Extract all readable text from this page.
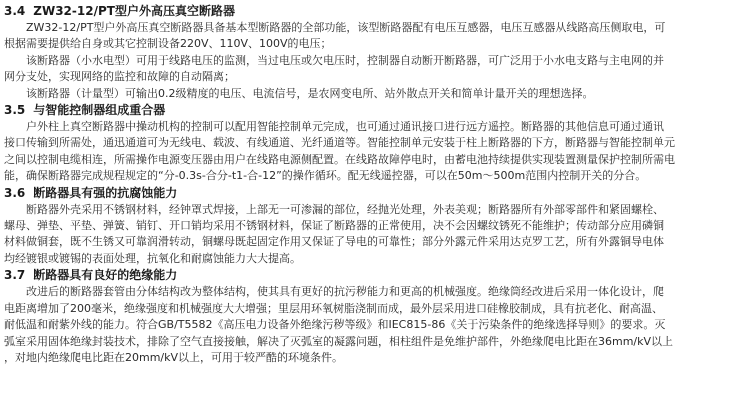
3.4 ZW32-12/PT型户外高压真空断路器
ZW32-12/PT型户外高压真空断路器具备基本型断路器的全部功能，该型断路器配有电压互感器，电压互感器从线路高压侧取电，可
根据需要提供给自身或其它控制设备220V、110V、100V的电压；
该断路器（小水电型）可用于线路电压的监测，当过电压或欠电压时，控制器自动断开断路器，可广泛用于小水电支路与主电网的并
网分支处，实现网络的监控和故障的自动隔离；
该断路器（计量型）可输出0.2级精度的电压、电流信号，是农网变电所、站外散点开关和简单计量开关的理想选择。
3.5 与智能控制器组成重合器
户外柱上真空断路器中操动机构的控制可以配用智能控制单元完成，也可通过通讯接口进行远方遥控。断路器的其他信息可通过通讯
接口传输到所需处，通迅通道可为无线电、载波、有线通道、光纤通道等。智能控制单元安装于柱上断路器的下方，断路器与智能控制单元
之间以控制电缆相连，所需操作电源变压器由用户在线路电源侧配置。在线路故障停电时，由蓄电池持续提供实现装置测量保护控制所需电
能，确保断路器完成规程规定的“分-0.3s-合分-t1-合-12”的操作循环。配无线遥控器，可以在50m～500m范围内控制开关的分合。
3.6 断路器具有强的抗腐蚀能力
断路器外壳采用不锈钢材料，经钟罩式焊接，上部无一可渗漏的部位，经抛光处理，外表美观；断路器所有外部零部件和紧固螺栓、
螺母、弹垫、平垫、弹簧、销钉、开口销均采用不锈钢材料，保证了断路器的正常使用，决不会因螺纹锈死不能维护；传动部分应用磷铜
材料做铜套，既不生锈又可靠润滑转动，铜螺母既起固定作用又保证了导电的可靠性；部分外露元件采用达克罗工艺，所有外露铜导电体
均经镀银或镀锡的表面处理，抗氧化和耐腐蚀能力大大提高。
3.7 断路器具有良好的绝缘能力
改进后的断路器套管由分体结构改为整体结构，使其具有更好的抗污秽能力和更高的机械强度。绝缘筒经改进后采用一体化设计，爬
电距离增加了200毫米，绝缘强度和机械强度大大增强；里层用环氧树脂浇制而成，最外层采用进口硅橡胶制成，具有抗老化、耐高温、
耐低温和耐紫外线的能力。符合GB/T5582《高压电力设备外绝缘污秽等级》和IEC815-86《关于污染条件的绝缘选择导则》的要求。灭
弧室采用固体绝缘封装技术，排除了空气直接接触，解决了灭弧室的凝露问题，相柱组件是免维护部件，外绝缘爬电比距在36mm/kV以上
，对地内绝缘爬电比距在20mm/kV以上，可用于较严酷的环境条件。
